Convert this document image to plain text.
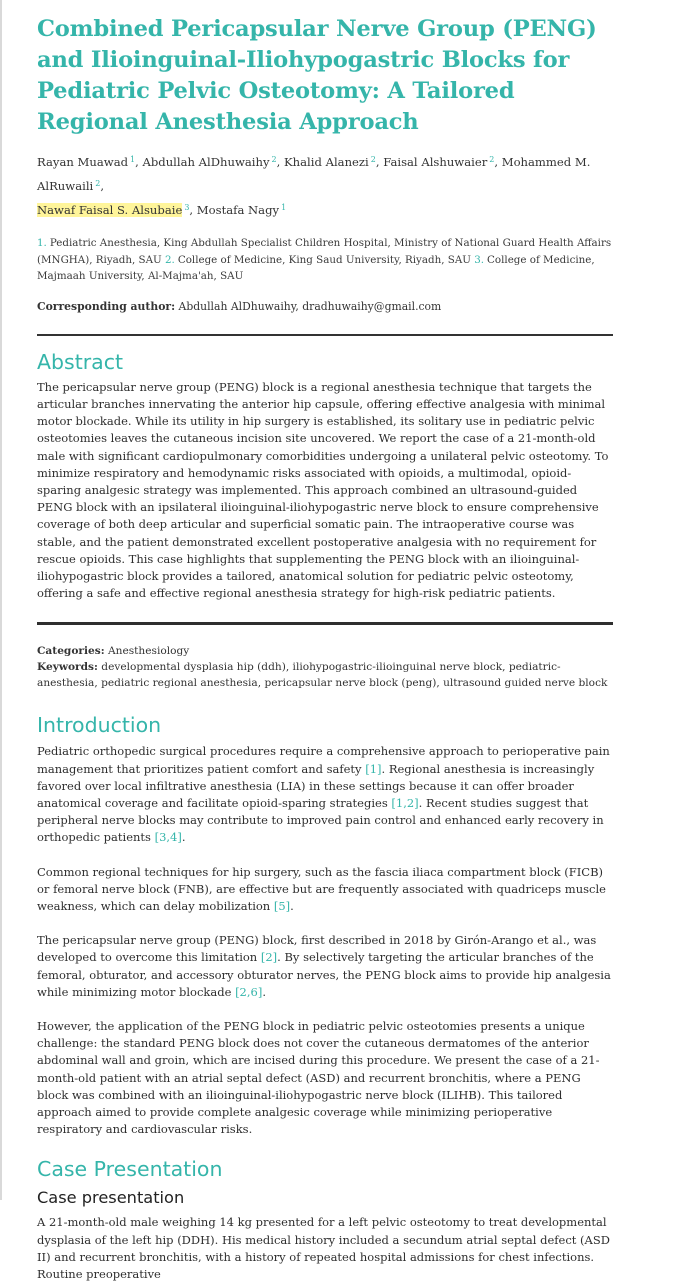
Combined Pericapsular Nerve Group (PENG) and Ilioinguinal-Iliohypogastric Blocks for Pediatric Pelvic Osteotomy: A Tailored Regional Anesthesia Approach
Rayan Muawad $^1$, Abdullah AlDhuwaihy $^2$, Khalid Alanezi $^2$, Faisal Alshuwaier $^2$, Mohammed M. AlRuwaili $^2$,
Nawaf Faisal S. Alsubaie $^3$, Mostafa Nagy $^1$
1. Pediatric Anesthesia, King Abdullah Specialist Children Hospital, Ministry of National Guard Health Affairs (MNGHA), Riyadh, SAU 2. College of Medicine, King Saud University, Riyadh, SAU 3. College of Medicine, Majmaah University, Al-Majma'ah, SAU
Corresponding author: Abdullah AlDhuwaihy, dradhuwaihy@gmail.com
Abstract

The pericapsular nerve group (PENG) block is a regional anesthesia technique that targets the articular branches innervating the anterior hip capsule, offering effective analgesia with minimal motor blockade. While its utility in hip surgery is established, its solitary use in pediatric pelvic osteotomies leaves the cutaneous incision site uncovered. We report the case of a 21-month-old male with significant cardiopulmonary comorbidities undergoing a unilateral pelvic osteotomy. To minimize respiratory and hemodynamic risks associated with opioids, a multimodal, opioid-sparing analgesic strategy was implemented. This approach combined an ultrasound-guided PENG block with an ipsilateral ilioinguinal-iliohypogastric nerve block to ensure comprehensive coverage of both deep articular and superficial somatic pain. The intraoperative course was stable, and the patient demonstrated excellent postoperative analgesia with no requirement for rescue opioids. This case highlights that supplementing the PENG block with an ilioinguinal-iliohypogastric block provides a tailored, anatomical solution for pediatric pelvic osteotomy, offering a safe and effective regional anesthesia strategy for high-risk pediatric patients.

Categories: Anesthesiology
Keywords: developmental dysplasia hip (ddh), iliohypogastric-ilioinguinal nerve block, pediatric-anesthesia, pediatric regional anesthesia, pericapsular nerve block (peng), ultrasound guided nerve block
Introduction

Pediatric orthopedic surgical procedures require a comprehensive approach to perioperative pain management that prioritizes patient comfort and safety [1]. Regional anesthesia is increasingly favored over local infiltrative anesthesia (LIA) in these settings because it can offer broader anatomical coverage and facilitate opioid-sparing strategies [1,2]. Recent studies suggest that peripheral nerve blocks may contribute to improved pain control and enhanced early recovery in orthopedic patients [3,4].

Common regional techniques for hip surgery, such as the fascia iliaca compartment block (FICB) or femoral nerve block (FNB), are effective but are frequently associated with quadriceps muscle weakness, which can delay mobilization [5].

The pericapsular nerve group (PENG) block, first described in 2018 by Girón-Arango et al., was developed to overcome this limitation [2]. By selectively targeting the articular branches of the femoral, obturator, and accessory obturator nerves, the PENG block aims to provide hip analgesia while minimizing motor blockade [2,6].

However, the application of the PENG block in pediatric pelvic osteotomies presents a unique challenge: the standard PENG block does not cover the cutaneous dermatomes of the anterior abdominal wall and groin, which are incised during this procedure. We present the case of a 21-month-old patient with an atrial septal defect (ASD) and recurrent bronchitis, where a PENG block was combined with an ilioinguinal-iliohypogastric nerve block (ILIHB). This tailored approach aimed to provide complete analgesic coverage while minimizing perioperative respiratory and cardiovascular risks.

Case Presentation
Case presentation

A 21-month-old male weighing 14 kg presented for a left pelvic osteotomy to treat developmental dysplasia of the left hip (DDH). His medical history included a secundum atrial septal defect (ASD II) and recurrent bronchitis, with a history of repeated hospital admissions for chest infections. Routine preoperative
